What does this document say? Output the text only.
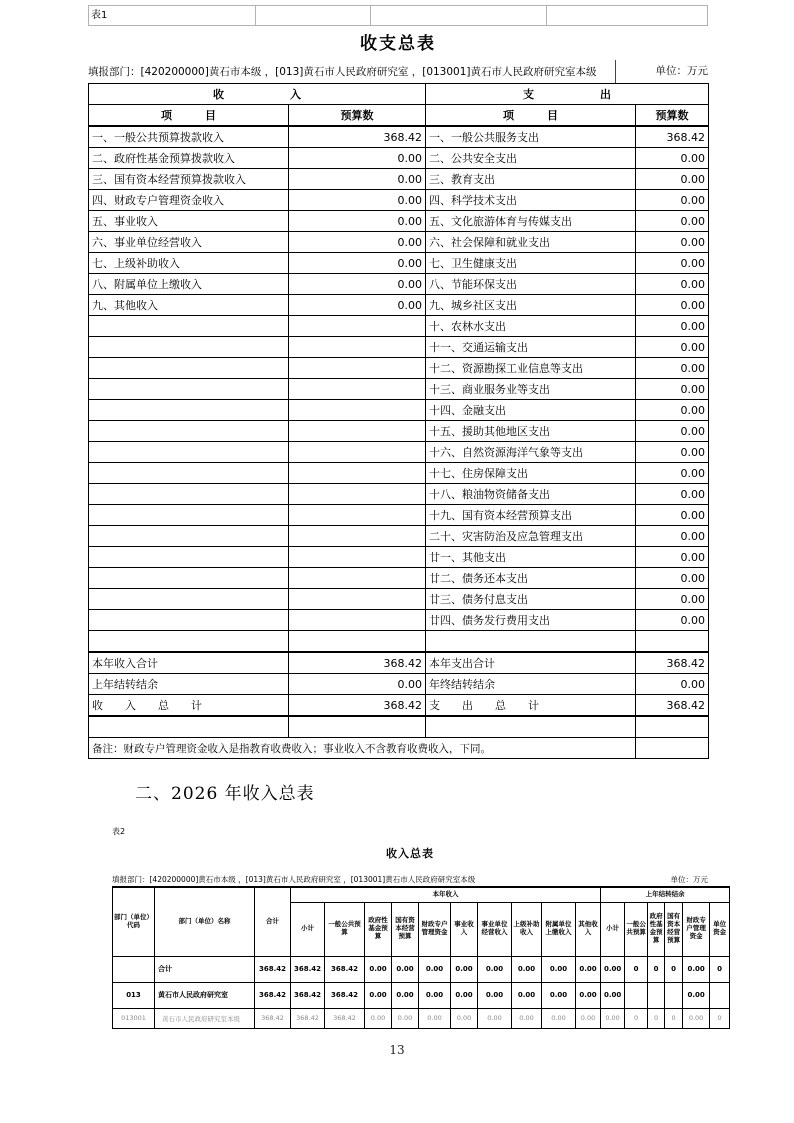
表1
收支总表
填报部门：[420200000]黄石市本级 ，[013]黄石市人民政府研究室 ，[013001]黄石市人民政府研究室本级	单位：万元
收　　　　　　入		支　　　　　　出	
项　　　目	预算数	项　　　目	预算数
一、一般公共预算拨款收入	368.42	一、一般公共服务支出	368.42
二、政府性基金预算拨款收入	0.00	二、公共安全支出	0.00
三、国有资本经营预算拨款收入	0.00	三、教育支出	0.00
四、财政专户管理资金收入	0.00	四、科学技术支出	0.00
五、事业收入	0.00	五、文化旅游体育与传媒支出	0.00
六、事业单位经营收入	0.00	六、社会保障和就业支出	0.00
七、上级补助收入	0.00	七、卫生健康支出	0.00
八、附属单位上缴收入	0.00	八、节能环保支出	0.00
九、其他收入	0.00	九、城乡社区支出	0.00
		十、农林水支出	0.00
		十一、交通运输支出	0.00
		十二、资源勘探工业信息等支出	0.00
		十三、商业服务业等支出	0.00
		十四、金融支出	0.00
		十五、援助其他地区支出	0.00
		十六、自然资源海洋气象等支出	0.00
		十七、住房保障支出	0.00
		十八、粮油物资储备支出	0.00
		十九、国有资本经营预算支出	0.00
		二十、灾害防治及应急管理支出	0.00
		廿一、其他支出	0.00
		廿二、债务还本支出	0.00
		廿三、债务付息支出	0.00
		廿四、债务发行费用支出	0.00

本年收入合计	368.42	本年支出合计	368.42
上年结转结余	0.00	年终结转结余	0.00
收　　入　　总　　计	368.42	支　　出　　总　　计	368.42

备注：财政专户管理资金收入是指教育收费收入；事业收入不含教育收费收入，下同。			
二、2026 年收入总表
表2
收入总表
填报部门：[420200000]黄石市本级 ，[013]黄石市人民政府研究室 ，[013001]黄石市人民政府研究室本级	单位：万元
部门（单位）代码	部门（单位）名称	合计	本年收入										上年结转结余					
			小计	一般公共预算	政府性基金预算	国有资本经营预算	财政专户管理资金	事业收入	事业单位经营收入	上级补助收入	附属单位上缴收入	其他收入	小计	一般公共预算	政府性基金预算	国有资本经营预算	财政专户管理资金	单位资金
	合计	368.42	368.42	368.42	0.00	0.00	0.00	0.00	0.00	0.00	0.00	0.00	0.00	0	0	0	0.00	0
013	黄石市人民政府研究室	368.42	368.42	368.42	0.00	0.00	0.00	0.00	0.00	0.00	0.00	0.00	0.00				0.00	
013001	黄石市人民政府研究室本级	368.42	368.42	368.42	0.00	0.00	0.00	0.00	0.00	0.00	0.00	0.00	0.00	0	0	0	0.00	0
13
